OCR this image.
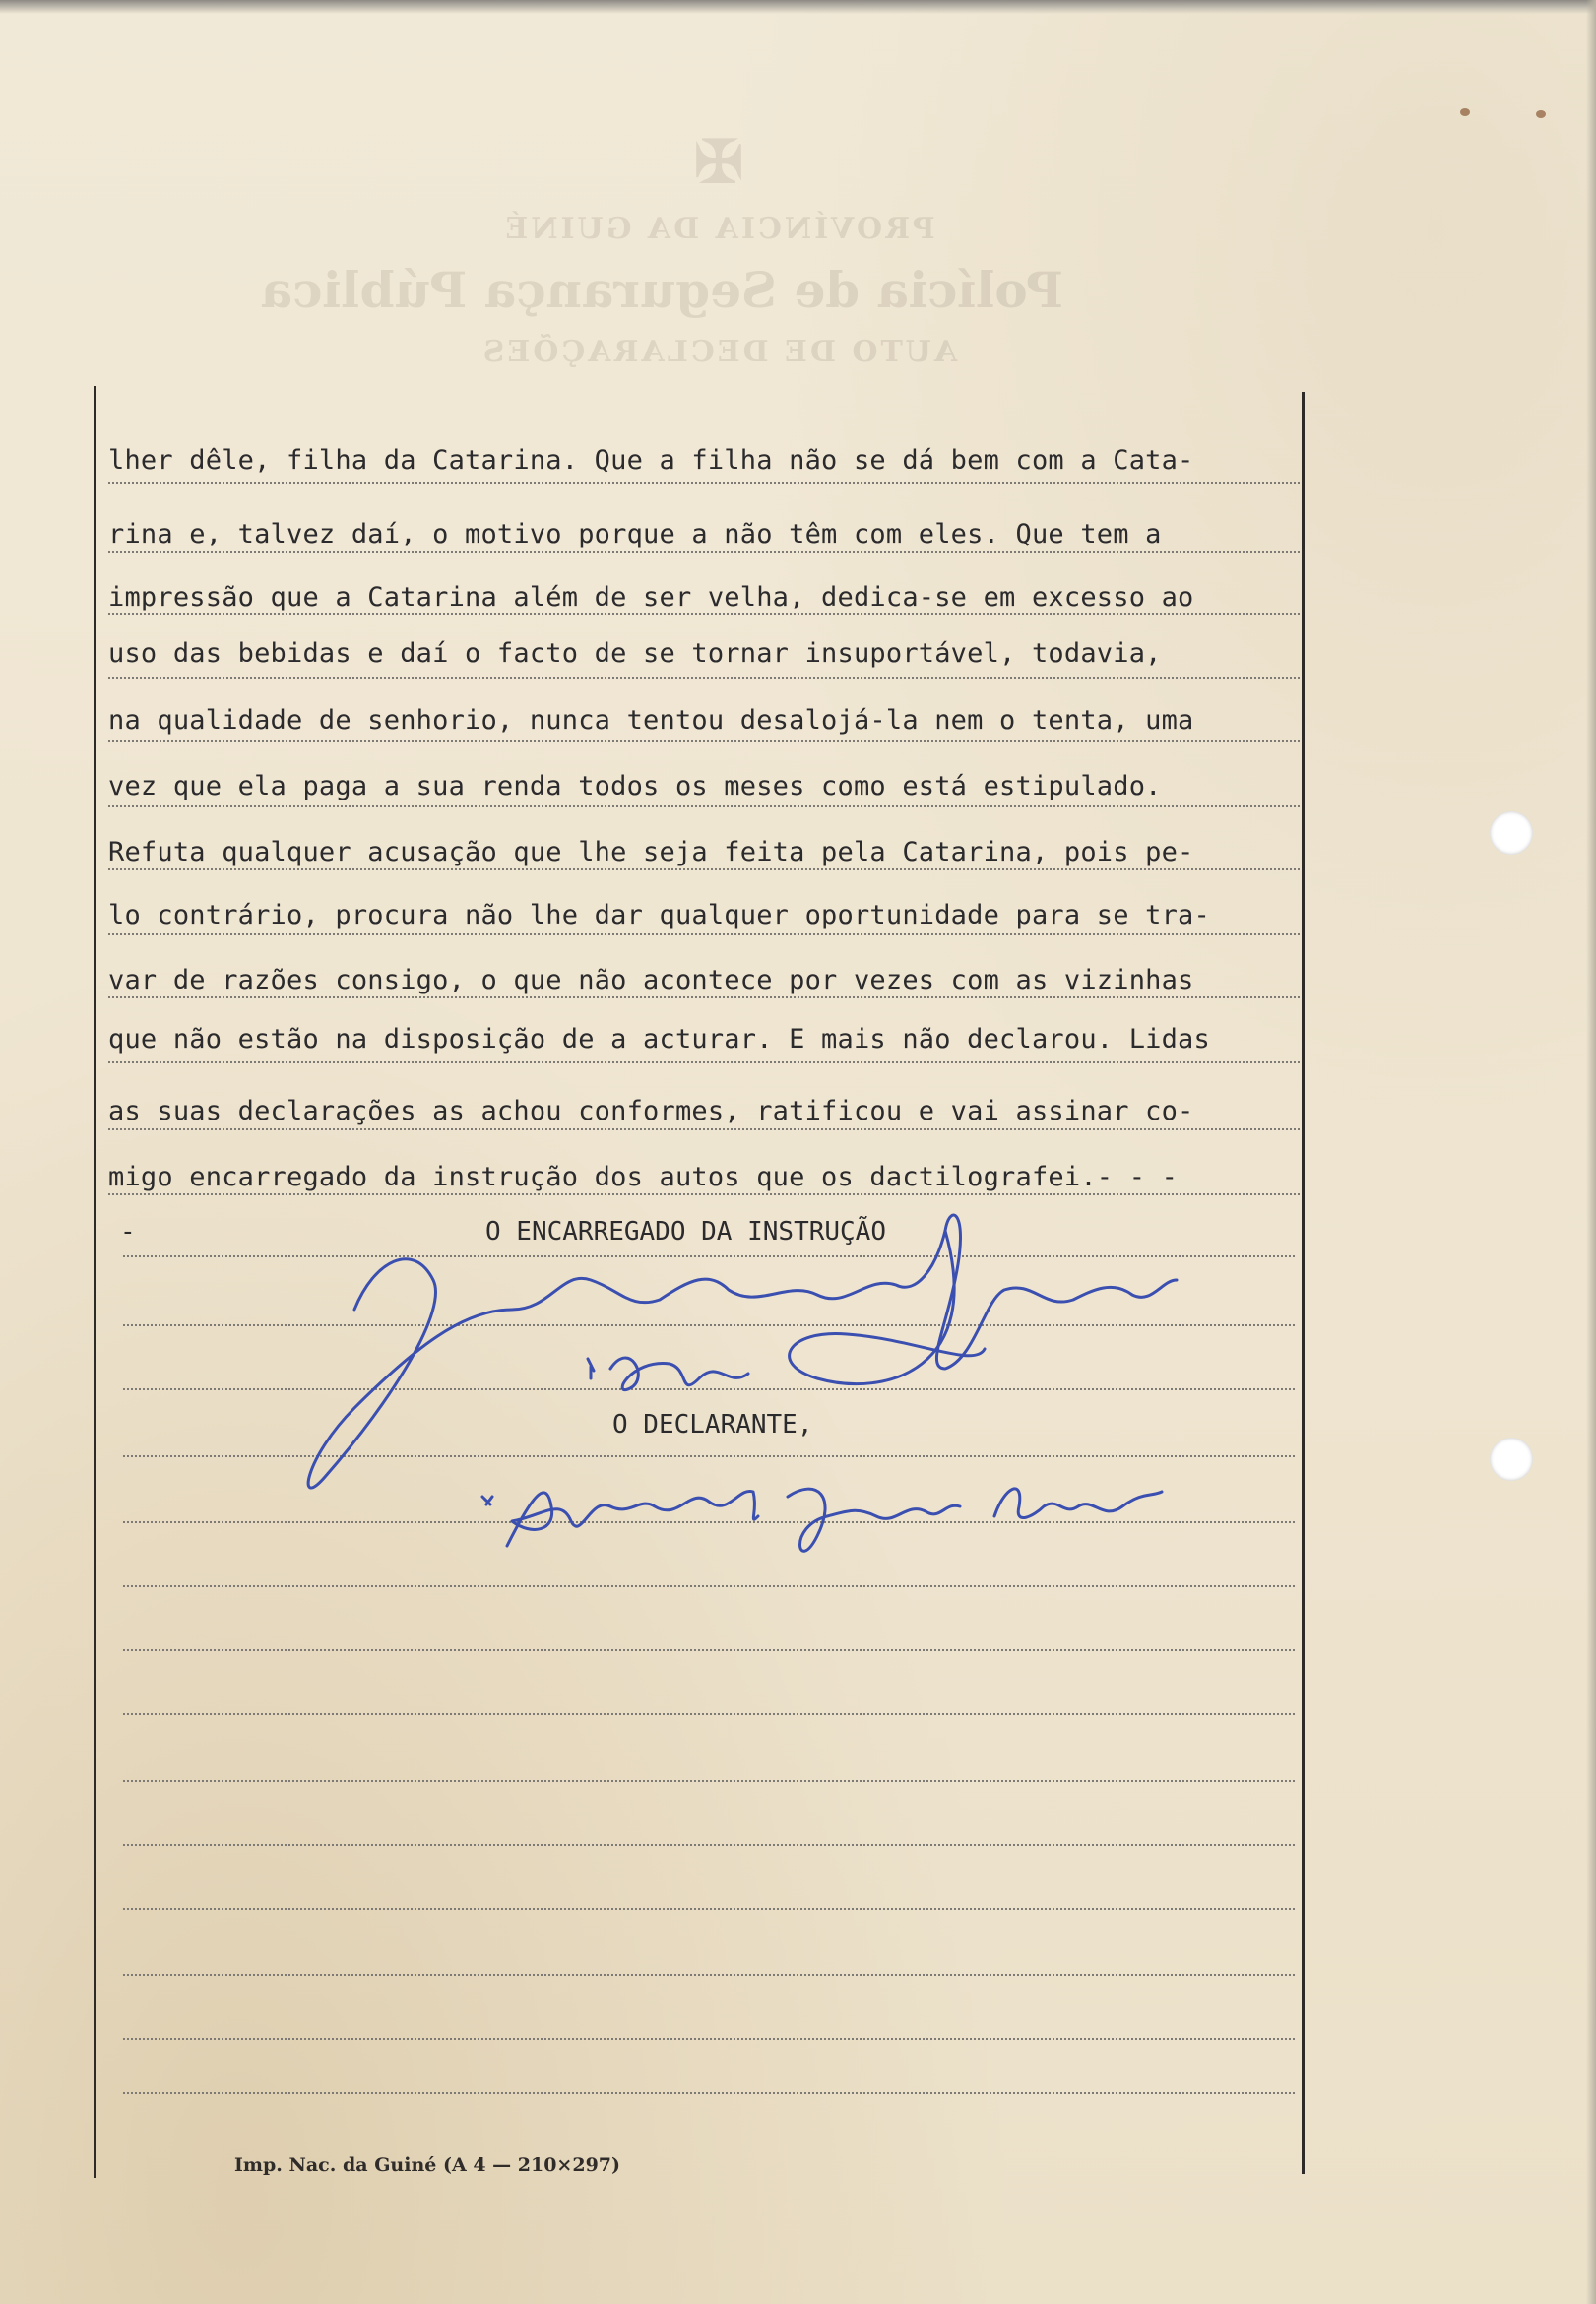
✠
PROVÍNCIA DA GUINÉ
Polícia de Segurança Pública
AUTO DE DECLARAÇÕES
lher dêle, filha da Catarina. Que a filha não se dá bem com a Cata-
rina e, talvez daí, o motivo porque a não têm com eles. Que tem a
impressão que a Catarina além de ser velha, dedica-se em excesso ao
uso das bebidas e daí o facto de se tornar insuportável, todavia,
na qualidade de senhorio, nunca tentou desalojá-la nem o tenta, uma
vez que ela paga a sua renda todos os meses como está estipulado.
Refuta qualquer acusação que lhe seja feita pela Catarina, pois pe-
lo contrário, procura não lhe dar qualquer oportunidade para se tra-
var de razões consigo, o que não acontece por vezes com as vizinhas
que não estão na disposição de a acturar. E mais não declarou. Lidas
as suas declarações as achou conformes, ratificou e vai assinar co-
migo encarregado da instrução dos autos que os dactilografei.- - -
-	O ENCARREGADO DA INSTRUÇÃO
O DECLARANTE,
Imp. Nac. da Guiné (A 4 — 210×297)
